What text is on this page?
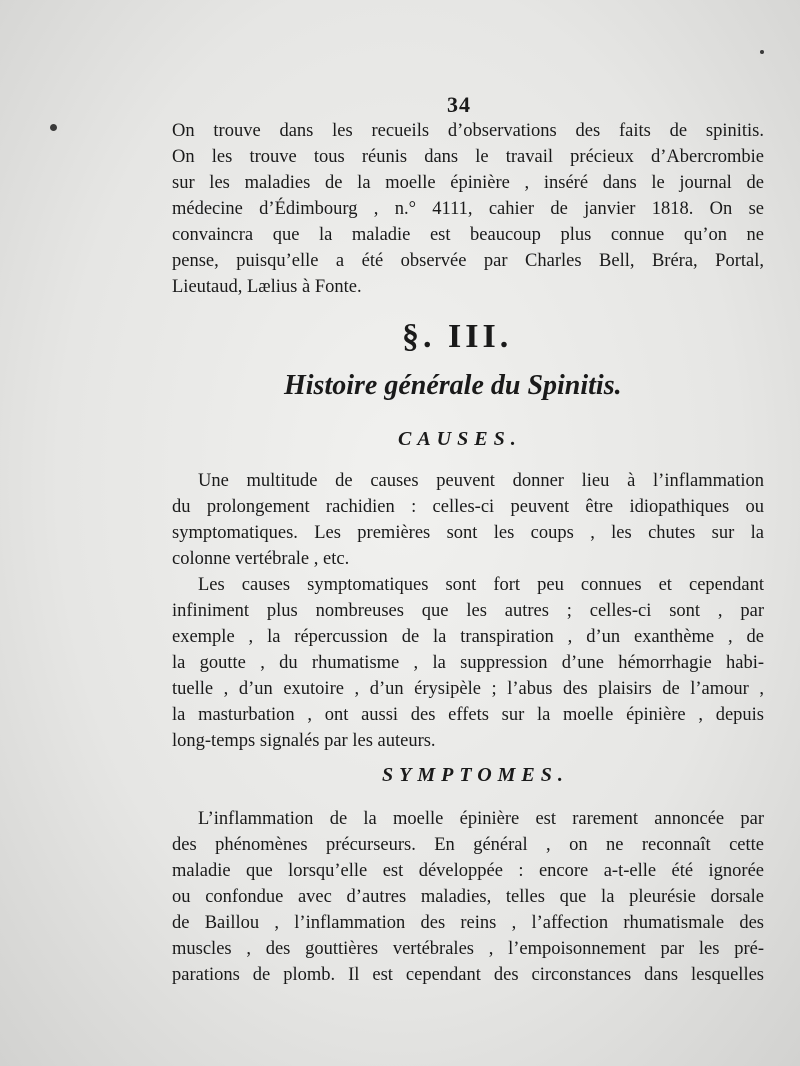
34

On trouve dans les recueils d’observations des faits de spinitis.
On les trouve tous réunis dans le travail précieux d’Abercrombie
sur les maladies de la moelle épinière , inséré dans le journal de
médecine d’Édimbourg , n.° 4111, cahier de janvier 1818. On se
convaincra que la maladie est beaucoup plus connue qu’on ne
pense, puisqu’elle a été observée par Charles Bell, Bréra, Portal,
Lieutaud, Lælius à Fonte.

§. III.
Histoire générale du Spinitis.
CAUSES.

Une multitude de causes peuvent donner lieu à l’inflammation
du prolongement rachidien : celles-ci peuvent être idiopathiques ou
symptomatiques. Les premières sont les coups , les chutes sur la
colonne vertébrale , etc.

Les causes symptomatiques sont fort peu connues et cependant
infiniment plus nombreuses que les autres ; celles-ci sont , par
exemple , la répercussion de la transpiration , d’un exanthème , de
la goutte , du rhumatisme , la suppression d’une hémorrhagie habi-
tuelle , d’un exutoire , d’un érysipèle ; l’abus des plaisirs de l’amour ,
la masturbation , ont aussi des effets sur la moelle épinière , depuis
long-temps signalés par les auteurs.

SYMPTOMES.

L’inflammation de la moelle épinière est rarement annoncée par
des phénomènes précurseurs. En général , on ne reconnaît cette
maladie que lorsqu’elle est développée : encore a-t-elle été ignorée
ou confondue avec d’autres maladies, telles que la pleurésie dorsale
de Baillou , l’inflammation des reins , l’affection rhumatismale des
muscles , des gouttières vertébrales , l’empoisonnement par les pré-
parations de plomb. Il est cependant des circonstances dans lesquelles
